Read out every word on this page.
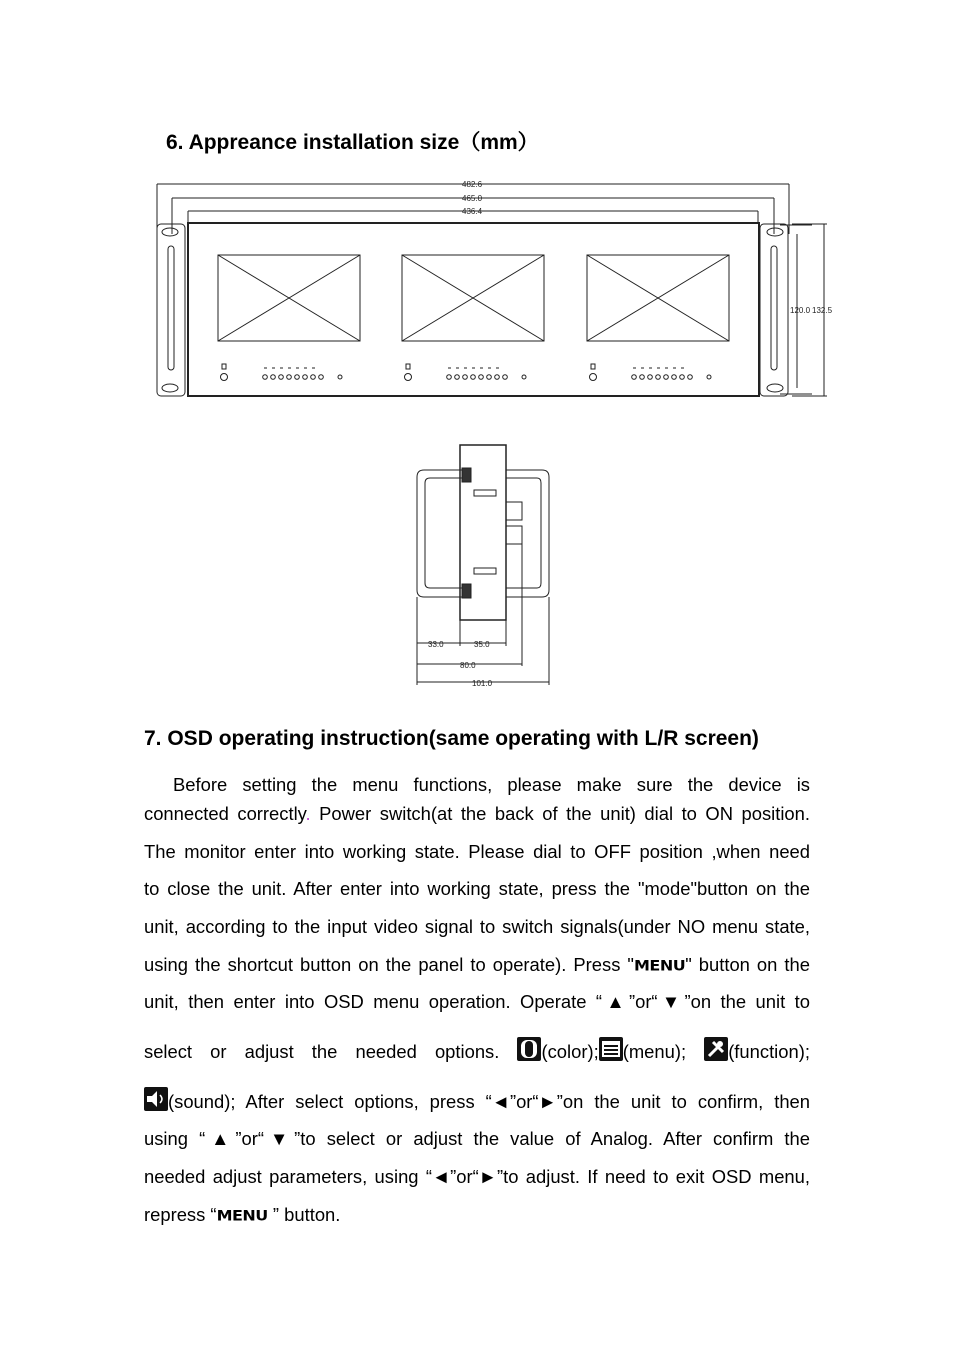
6. Appreance installation size（mm）
482.6
465.0
436.4
120.0 132.5
33.0	35.0
80.0
101.0
7. OSD operating instruction(same operating with L/R screen)
Before setting the menu functions, please make sure the device is
connected correctly. Power switch(at the back of the unit) dial to ON position.
The monitor enter into working state. Please dial to OFF position ,when need
to close the unit. After enter into working state, press the "mode"button on the
unit, according to the input video signal to switch signals(under NO menu state,
using the shortcut button on the panel to operate). Press "MENU" button on the
unit, then enter into OSD menu operation. Operate “▲”or“▼”on the unit to
select or adjust the needed options. (color); (menu); (function);
(sound); After select options, press “◄”or“►”on the unit to confirm, then
using “▲”or“▼”to select or adjust the value of Analog. After confirm the
needed adjust parameters, using “◄”or“►”to adjust. If need to exit OSD menu,
repress “MENU ” button.
